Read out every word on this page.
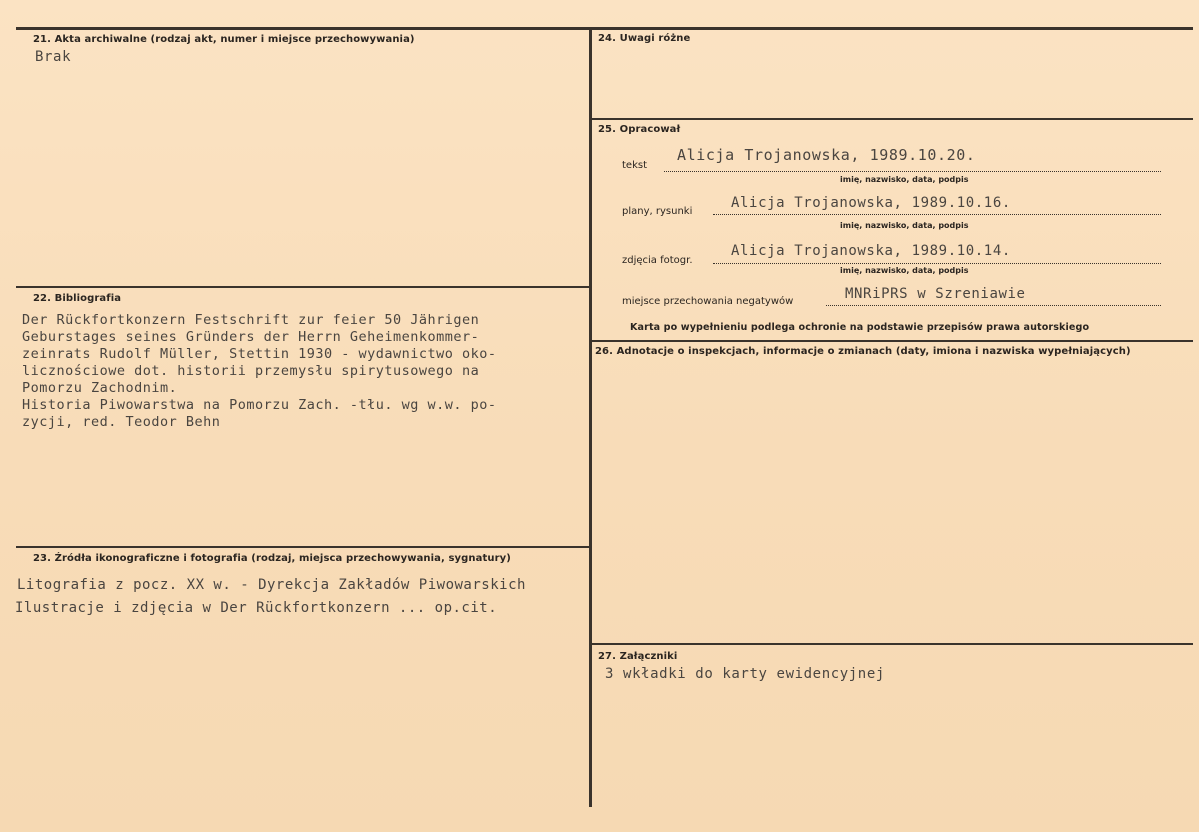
21. Akta archiwalne (rodzaj akt, numer i miejsce przechowywania)
Brak
22. Bibliografia
Der Rückfortkonzern Festschrift zur feier 50 Jährigen
Geburstages seines Gründers der Herrn Geheimenkommer-
zeinrats Rudolf Müller, Stettin 1930 - wydawnictwo oko-
licznościowe dot. historii przemysłu spirytusowego na
Pomorzu Zachodnim.
Historia Piwowarstwa na Pomorzu Zach. -tłu. wg w.w. po-
zycji, red. Teodor Behn
23. Źródła ikonograficzne i fotografia (rodzaj, miejsca przechowywania, sygnatury)
Litografia z pocz. XX w. - Dyrekcja Zakładów Piwowarskich
Ilustracje i zdjęcia w Der Rückfortkonzern ... op.cit.
24. Uwagi różne
25. Opracował
tekst
Alicja Trojanowska, 1989.10.20.
imię, nazwisko, data, podpis
plany, rysunki
Alicja Trojanowska, 1989.10.16.
imię, nazwisko, data, podpis
zdjęcia fotogr.
Alicja Trojanowska, 1989.10.14.
imię, nazwisko, data, podpis
miejsce przechowania negatywów	MNRiPRS w Szreniawie
Karta po wypełnieniu podlega ochronie na podstawie przepisów prawa autorskiego
26. Adnotacje o inspekcjach, informacje o zmianach (daty, imiona i nazwiska wypełniających)
27. Załączniki
3 wkładki do karty ewidencyjnej
